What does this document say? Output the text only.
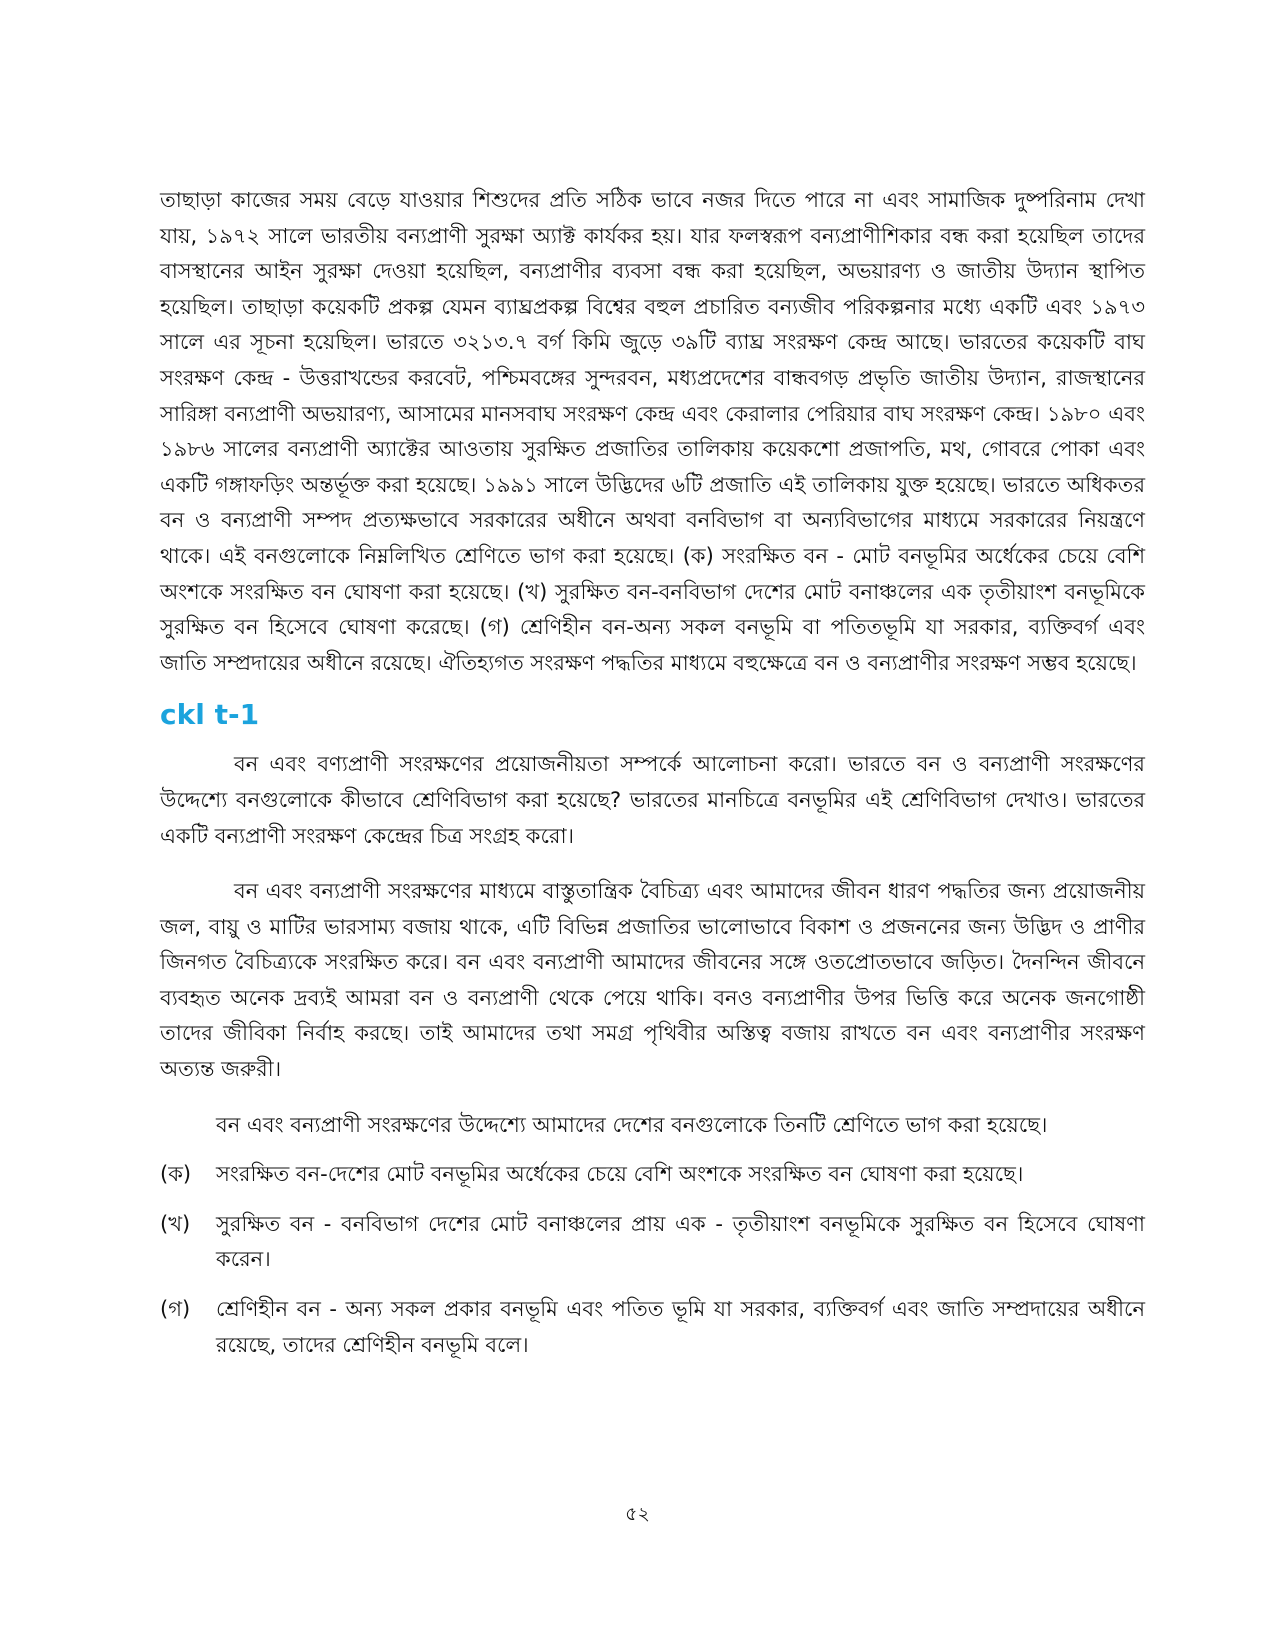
তাছাড়া কাজের সময় বেড়ে যাওয়ার শিশুদের প্রতি সঠিক ভাবে নজর দিতে পারে না এবং সামাজিক দুষ্পরিনাম দেখা যায়, ১৯৭২ সালে ভারতীয় বন্যপ্রাণী সুরক্ষা অ্যাক্ট কার্যকর হয়। যার ফলস্বরূপ বন্যপ্রাণীশিকার বন্ধ করা হয়েছিল তাদের বাসস্থানের আইন সুরক্ষা দেওয়া হয়েছিল, বন্যপ্রাণীর ব্যবসা বন্ধ করা হয়েছিল, অভয়ারণ্য ও জাতীয় উদ্যান স্থাপিত হয়েছিল। তাছাড়া কয়েকটি প্রকল্প যেমন ব্যাঘ্রপ্রকল্প বিশ্বের বহুল প্রচারিত বন্যজীব পরিকল্পনার মধ্যে একটি এবং ১৯৭৩ সালে এর সূচনা হয়েছিল। ভারতে ৩২১৩.৭ বর্গ কিমি জুড়ে ৩৯টি ব্যাঘ্র সংরক্ষণ কেন্দ্র আছে। ভারতের কয়েকটি বাঘ সংরক্ষণ কেন্দ্র - উত্তরাখন্ডের করবেট, পশ্চিমবঙ্গের সুন্দরবন, মধ্যপ্রদেশের বান্ধবগড় প্রভৃতি জাতীয় উদ্যান, রাজস্থানের সারিঙ্গা বন্যপ্রাণী অভয়ারণ্য, আসামের মানসবাঘ সংরক্ষণ কেন্দ্র এবং কেরালার পেরিয়ার বাঘ সংরক্ষণ কেন্দ্র। ১৯৮০ এবং ১৯৮৬ সালের বন্যপ্রাণী অ্যাক্টের আওতায় সুরক্ষিত প্রজাতির তালিকায় কয়েকশো প্রজাপতি, মথ, গোবরে পোকা এবং একটি গঙ্গাফড়িং অন্তর্ভূক্ত করা হয়েছে। ১৯৯১ সালে উদ্ভিদের ৬টি প্রজাতি এই তালিকায় যুক্ত হয়েছে। ভারতে অধিকতর বন ও বন্যপ্রাণী সম্পদ প্রত্যক্ষভাবে সরকারের অধীনে অথবা বনবিভাগ বা অন্যবিভাগের মাধ্যমে সরকারের নিয়ন্ত্রণে থাকে। এই বনগুলোকে নিম্নলিখিত শ্রেণিতে ভাগ করা হয়েছে। (ক) সংরক্ষিত বন - মোট বনভূমির অর্ধেকের চেয়ে বেশি অংশকে সংরক্ষিত বন ঘোষণা করা হয়েছে। (খ) সুরক্ষিত বন-বনবিভাগ দেশের মোট বনাঞ্চলের এক তৃতীয়াংশ বনভূমিকে সুরক্ষিত বন হিসেবে ঘোষণা করেছে। (গ) শ্রেণিহীন বন-অন্য সকল বনভূমি বা পতিতভূমি যা সরকার, ব্যক্তিবর্গ এবং জাতি সম্প্রদায়ের অধীনে রয়েছে। ঐতিহ্যগত সংরক্ষণ পদ্ধতির মাধ্যমে বহুক্ষেত্রে বন ও বন্যপ্রাণীর সংরক্ষণ সম্ভব হয়েছে।

ckl t-1

বন এবং বণ্যপ্রাণী সংরক্ষণের প্রয়োজনীয়তা সম্পর্কে আলোচনা করো। ভারতে বন ও বন্যপ্রাণী সংরক্ষণের উদ্দেশ্যে বনগুলোকে কীভাবে শ্রেণিবিভাগ করা হয়েছে? ভারতের মানচিত্রে বনভূমির এই শ্রেণিবিভাগ দেখাও। ভারতের একটি বন্যপ্রাণী সংরক্ষণ কেন্দ্রের চিত্র সংগ্রহ করো।

বন এবং বন্যপ্রাণী সংরক্ষণের মাধ্যমে বাস্তুতান্ত্রিক বৈচিত্র্য এবং আমাদের জীবন ধারণ পদ্ধতির জন্য প্রয়োজনীয় জল, বায়ু ও মাটির ভারসাম্য বজায় থাকে, এটি বিভিন্ন প্রজাতির ভালোভাবে বিকাশ ও প্রজননের জন্য উদ্ভিদ ও প্রাণীর জিনগত বৈচিত্র্যকে সংরক্ষিত করে। বন এবং বন্যপ্রাণী আমাদের জীবনের সঙ্গে ওতপ্রোতভাবে জড়িত। দৈনন্দিন জীবনে ব্যবহৃত অনেক দ্রব্যই আমরা বন ও বন্যপ্রাণী থেকে পেয়ে থাকি। বনও বন্যপ্রাণীর উপর ভিত্তি করে অনেক জনগোষ্ঠী তাদের জীবিকা নির্বাহ করছে। তাই আমাদের তথা সমগ্র পৃথিবীর অস্তিত্ব বজায় রাখতে বন এবং বন্যপ্রাণীর সংরক্ষণ অত্যন্ত জরুরী।

বন এবং বন্যপ্রাণী সংরক্ষণের উদ্দেশ্যে আমাদের দেশের বনগুলোকে তিনটি শ্রেণিতে ভাগ করা হয়েছে।

(ক)	সংরক্ষিত বন-দেশের মোট বনভূমির অর্ধেকের চেয়ে বেশি অংশকে সংরক্ষিত বন ঘোষণা করা হয়েছে।
(খ)	সুরক্ষিত বন - বনবিভাগ দেশের মোট বনাঞ্চলের প্রায় এক - তৃতীয়াংশ বনভূমিকে সুরক্ষিত বন হিসেবে ঘোষণা করেন।
(গ)	শ্রেণিহীন বন - অন্য সকল প্রকার বনভূমি এবং পতিত ভূমি যা সরকার, ব্যক্তিবর্গ এবং জাতি সম্প্রদায়ের অধীনে রয়েছে, তাদের শ্রেণিহীন বনভূমি বলে।
৫২
